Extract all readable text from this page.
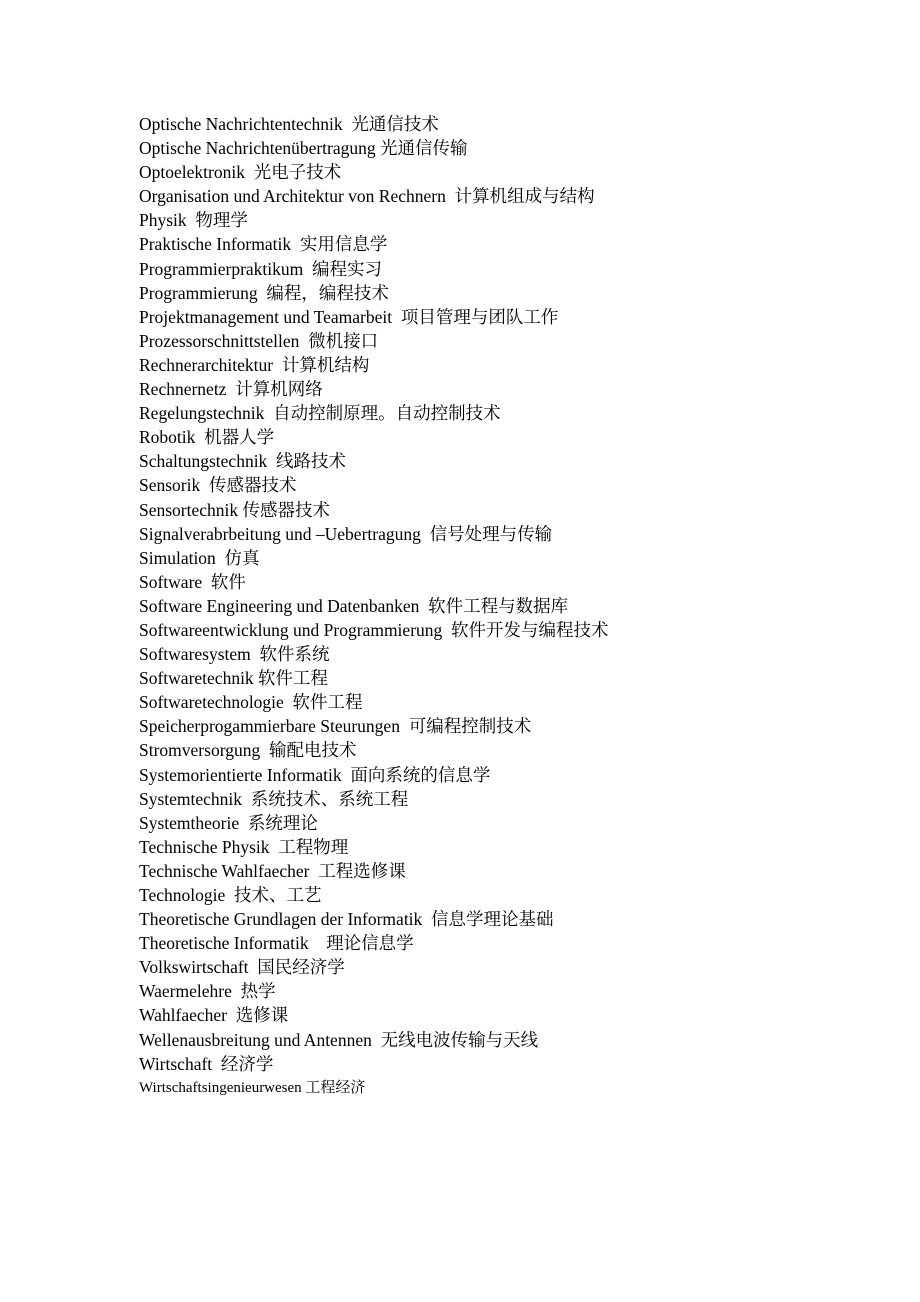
Optische Nachrichtentechnik  光通信技术
Optische Nachrichtenübertragung 光通信传输
Optoelektronik  光电子技术
Organisation und Architektur von Rechnern  计算机组成与结构
Physik  物理学
Praktische Informatik  实用信息学
Programmierpraktikum  编程实习
Programmierung  编程，编程技术
Projektmanagement und Teamarbeit  项目管理与团队工作
Prozessorschnittstellen  微机接口
Rechnerarchitektur  计算机结构
Rechnernetz  计算机网络
Regelungstechnik  自动控制原理。自动控制技术
Robotik  机器人学
Schaltungstechnik  线路技术
Sensorik  传感器技术
Sensortechnik 传感器技术
Signalverabrbeitung und –Uebertragung  信号处理与传输
Simulation  仿真
Software  软件
Software Engineering und Datenbanken  软件工程与数据库
Softwareentwicklung und Programmierung  软件开发与编程技术
Softwaresystem  软件系统
Softwaretechnik 软件工程
Softwaretechnologie  软件工程
Speicherprogammierbare Steurungen  可编程控制技术
Stromversorgung  输配电技术
Systemorientierte Informatik  面向系统的信息学
Systemtechnik  系统技术、系统工程
Systemtheorie  系统理论
Technische Physik  工程物理
Technische Wahlfaecher  工程选修课
Technologie  技术、工艺
Theoretische Grundlagen der Informatik  信息学理论基础
Theoretische Informatik    理论信息学
Volkswirtschaft  国民经济学
Waermelehre  热学
Wahlfaecher  选修课
Wellenausbreitung und Antennen  无线电波传输与天线
Wirtschaft  经济学
Wirtschaftsingenieurwesen 工程经济
